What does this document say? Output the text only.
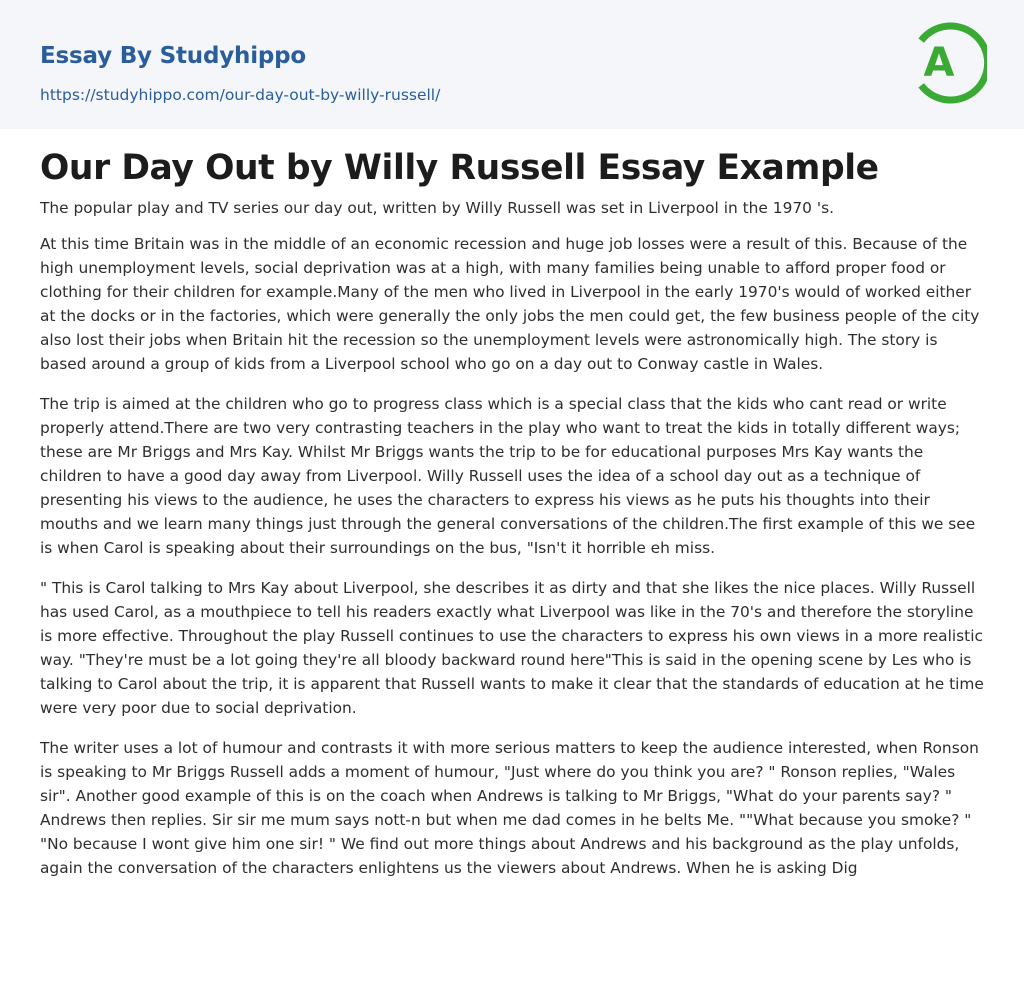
Essay By Studyhippo
https://studyhippo.com/our-day-out-by-willy-russell/
A
Our Day Out by Willy Russell Essay Example

The popular play and TV series our day out, written by Willy Russell was set in Liverpool in the 1970 's.

At this time Britain was in the middle of an economic recession and huge job losses were a result of this. Because of the high unemployment levels, social deprivation was at a high, with many families being unable to afford proper food or clothing for their children for example.Many of the men who lived in Liverpool in the early 1970's would of worked either at the docks or in the factories, which were generally the only jobs the men could get, the few business people of the city also lost their jobs when Britain hit the recession so the unemployment levels were astronomically high. The story is based around a group of kids from a Liverpool school who go on a day out to Conway castle in Wales.

The trip is aimed at the children who go to progress class which is a special class that the kids who cant read or write properly attend.There are two very contrasting teachers in the play who want to treat the kids in totally different ways; these are Mr Briggs and Mrs Kay. Whilst Mr Briggs wants the trip to be for educational purposes Mrs Kay wants the children to have a good day away from Liverpool. Willy Russell uses the idea of a school day out as a technique of presenting his views to the audience, he uses the characters to express his views as he puts his thoughts into their mouths and we learn many things just through the general conversations of the children.The first example of this we see is when Carol is speaking about their surroundings on the bus, "Isn't it horrible eh miss.

" This is Carol talking to Mrs Kay about Liverpool, she describes it as dirty and that she likes the nice places. Willy Russell has used Carol, as a mouthpiece to tell his readers exactly what Liverpool was like in the 70's and therefore the storyline is more effective. Throughout the play Russell continues to use the characters to express his own views in a more realistic way. "They're must be a lot going they're all bloody backward round here"This is said in the opening scene by Les who is talking to Carol about the trip, it is apparent that Russell wants to make it clear that the standards of education at he time were very poor due to social deprivation.

The writer uses a lot of humour and contrasts it with more serious matters to keep the audience interested, when Ronson is speaking to Mr Briggs Russell adds a moment of humour, "Just where do you think you are? " Ronson replies, "Wales sir". Another good example of this is on the coach when Andrews is talking to Mr Briggs, "What do your parents say? " Andrews then replies. Sir sir me mum says nott-n but when me dad comes in he belts Me. ""What because you smoke? " "No because I wont give him one sir! " We find out more things about Andrews and his background as the play unfolds, again the conversation of the characters enlightens us the viewers about Andrews. When he is asking Dig
